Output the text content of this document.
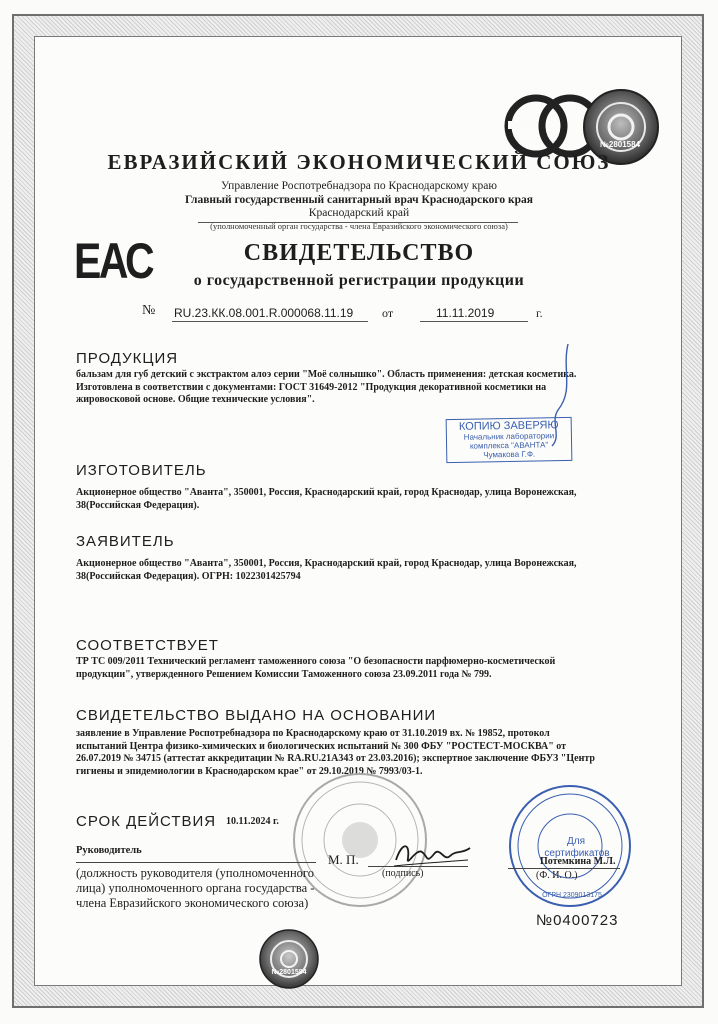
№2801584
ЕВРАЗИЙСКИЙ ЭКОНОМИЧЕСКИЙ СОЮЗ
Управление Роспотребнадзора по Краснодарскому краю
Главный государственный санитарный врач Краснодарского края
Краснодарский край
(уполномоченный орган государства - члена Евразийского экономического союза)
ЕАС	СВИДЕТЕЛЬСТВО
о государственной регистрации продукции
№ RU.23.КК.08.001.R.000068.11.19 от	11.11.2019	г.
ПРОДУКЦИЯ
бальзам для губ детский с экстрактом алоэ серии "Моё солнышко". Область применения: детская косметика.
Изготовлена в соответствии с документами: ГОСТ 31649-2012 "Продукция декоративной косметики на
жировосковой основе. Общие технические условия".
КОПИЮ ЗАВЕРЯЮ
Начальник лаборатории
комплекса "АВАНТА"
Чумакова Г.Ф.
ИЗГОТОВИТЕЛЬ
Акционерное общество "Аванта", 350001, Россия, Краснодарский край, город Краснодар, улица Воронежская,
38(Российская Федерация).
ЗАЯВИТЕЛЬ
Акционерное общество "Аванта", 350001, Россия, Краснодарский край, город Краснодар, улица Воронежская,
38(Российская Федерация). ОГРН: 1022301425794
СООТВЕТСТВУЕТ
ТР ТС 009/2011 Технический регламент таможенного союза "О безопасности парфюмерно-косметической
продукции", утвержденного Решением Комиссии Таможенного союза 23.09.2011 года № 799.
СВИДЕТЕЛЬСТВО ВЫДАНО НА ОСНОВАНИИ
заявление в Управление Роспотребнадзора по Краснодарскому краю от 31.10.2019 вх. № 19852, протокол
испытаний Центра физико-химических и биологических испытаний № 300 ФБУ "РОСТЕСТ-МОСКВА" от
26.07.2019 № 34715 (аттестат аккредитации № RA.RU.21A343 от 23.03.2016); экспертное заключение ФБУЗ "Центр
гигиены и эпидемиологии в Краснодарском крае" от 29.10.2019 № 7993/03-1.
СРОК ДЕЙСТВИЯ 10.11.2024 г.
Для
сертификатов
ОГРН 2309013175
Руководитель
М. П.
(подпись)
Потемкина М.Л.
(Ф. И. О.)
(должность руководителя (уполномоченного
лица) уполномоченного органа государства -
члена Евразийского экономического союза)
№0400723
№2801584
